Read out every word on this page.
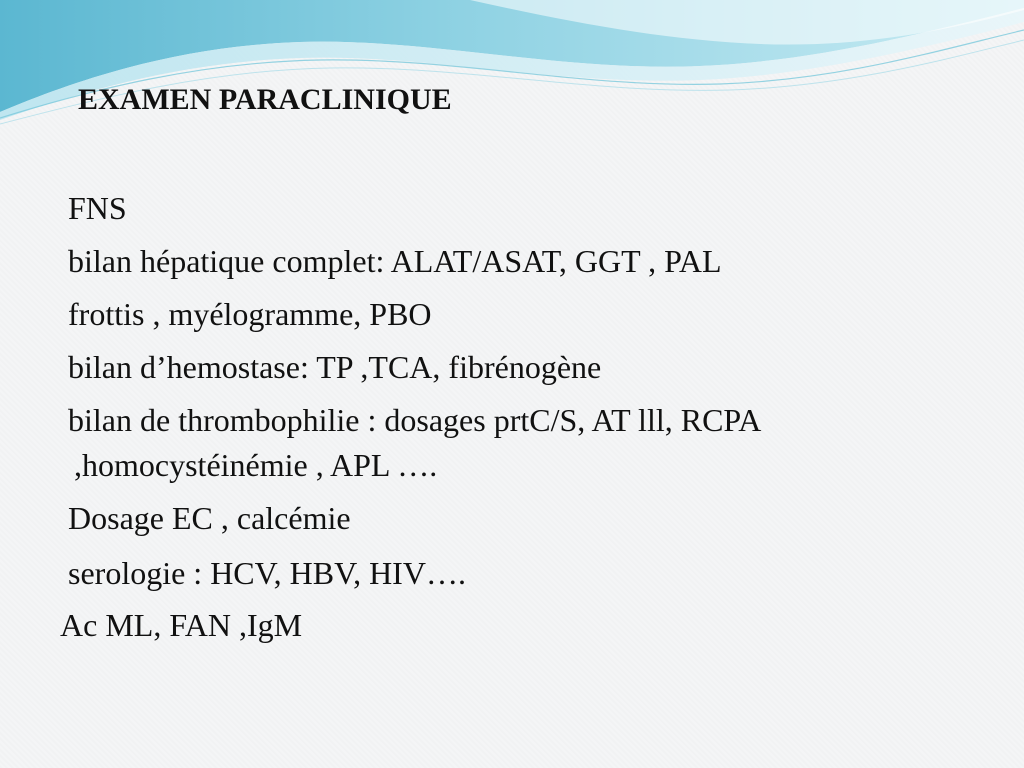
EXAMEN PARACLINIQUE

FNS

bilan hépatique complet: ALAT/ASAT, GGT , PAL

frottis , myélogramme, PBO

bilan d’hemostase: TP ,TCA, fibrénogène

bilan de thrombophilie : dosages prtC/S, AT lll, RCPA

,homocystéinémie , APL ….

Dosage EC , calcémie

serologie : HCV, HBV, HIV….

Ac ML, FAN ,IgM
